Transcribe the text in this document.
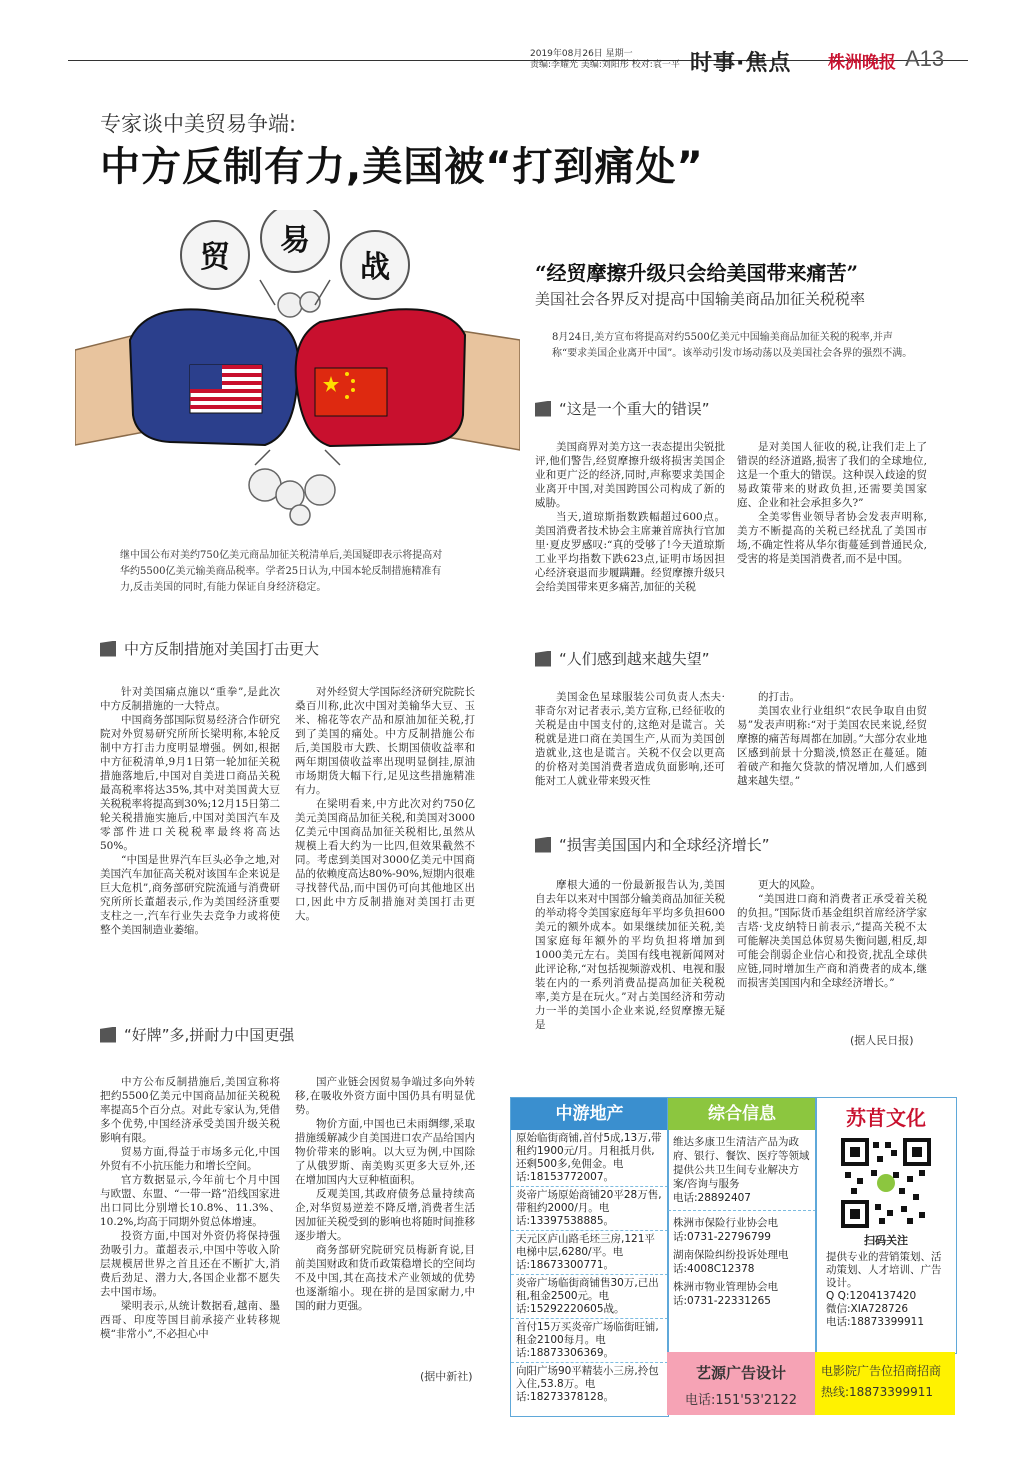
2019年08月26日 星期一
责编:李耀光 美编:刘阳彤 校对:袁一平 时事·焦点 株洲晚报 A13
专家谈中美贸易争端:
中方反制有力,美国被“打到痛处”
贸 易
战
继中国公布对美约750亿美元商品加征关税清单后,美国疑即表示将提高对华约5500亿美元输美商品税率。学者25日认为,中国本轮反制措施精准有力,反击美国的同时,有能力保证自身经济稳定。
“经贸摩擦升级只会给美国带来痛苦”
美国社会各界反对提高中国输美商品加征关税税率
8月24日,美方宣布将提高对约5500亿美元中国输美商品加征关税的税率,并声称“要求美国企业离开中国”。该举动引发市场动荡以及美国社会各界的强烈不满。
“这是一个重大的错误”

美国商界对美方这一表态提出尖锐批评,他们警告,经贸摩擦升级将损害美国企业和更广泛的经济,同时,声称要求美国企业离开中国,对美国跨国公司构成了新的威胁。

当天,道琼斯指数跌幅超过600点。美国消费者技术协会主席兼首席执行官加里·夏皮罗感叹:“真的受够了!今天道琼斯工业平均指数下跌623点,证明市场因担心经济衰退而步履蹒跚。经贸摩擦升级只会给美国带来更多痛苦,加征的关税

是对美国人征收的税,让我们走上了错误的经济道路,损害了我们的全球地位,这是一个重大的错误。这种误入歧途的贸易政策带来的财政负担,还需要美国家庭、企业和社会承担多久?”

全美零售业领导者协会发表声明称,美方不断提高的关税已经扰乱了美国市场,不确定性将从华尔街蔓延到普通民众,受害的将是美国消费者,而不是中国。

“人们感到越来越失望”

美国金色星球服装公司负责人杰夫·菲奇尔对记者表示,美方宣称,已经征收的关税是由中国支付的,这绝对是谎言。关税就是进口商在美国生产,从而为美国创造就业,这也是谎言。关税不仅会以更高的价格对美国消费者造成负面影响,还可能对工人就业带来毁灭性

的打击。

美国农业行业组织“农民争取自由贸易”发表声明称:“对于美国农民来说,经贸摩擦的痛苦每周都在加剧。”大部分农业地区感到前景十分黯淡,愤怒正在蔓延。随着破产和拖欠贷款的情况增加,人们感到越来越失望。”

“损害美国国内和全球经济增长”

摩根大通的一份最新报告认为,美国自去年以来对中国部分输美商品加征关税的举动将令美国家庭每年平均多负担600美元的额外成本。如果继续加征关税,美国家庭每年额外的平均负担将增加到1000美元左右。美国有线电视新闻网对此评论称,“对包括视频游戏机、电视和服装在内的一系列消费品提高加征关税税率,美方是在玩火。”对占美国经济和劳动力一半的美国小企业来说,经贸摩擦无疑是

更大的风险。

“美国进口商和消费者正承受着关税的负担。”国际货币基金组织首席经济学家吉塔·戈皮纳特日前表示,“提高关税不太可能解决美国总体贸易失衡问题,相反,却可能会削弱企业信心和投资,扰乱全球供应链,同时增加生产商和消费者的成本,继而损害美国国内和全球经济增长。”

(据人民日报)
中方反制措施对美国打击更大

针对美国痛点施以“重拳”,是此次中方反制措施的一大特点。

中国商务部国际贸易经济合作研究院对外贸易研究所所长梁明称,本轮反制中方打击力度明显增强。例如,根据中方征税清单,9月1日第一轮加征关税措施落地后,中国对自美进口商品关税最高税率将达35%,其中对美国黄大豆关税税率将提高到30%;12月15日第二轮关税措施实施后,中国对美国汽车及零部件进口关税税率最终将高达50%。

“中国是世界汽车巨头必争之地,对美国汽车加征高关税对该国车企来说是巨大危机”,商务部研究院流通与消费研究所所长董超表示,作为美国经济重要支柱之一,汽车行业失去竞争力或将使整个美国制造业萎缩。

对外经贸大学国际经济研究院院长桑百川称,此次中国对美输华大豆、玉米、棉花等农产品和原油加征关税,打到了美国的痛处。中方反制措施公布后,美国股市大跌、长期国债收益率和两年期国债收益率出现明显倒挂,原油市场期货大幅下行,足见这些措施精准有力。

在梁明看来,中方此次对约750亿美元美国商品加征关税,和美国对3000亿美元中国商品加征关税相比,虽然从规模上看大约为一比四,但效果截然不同。考虑到美国对3000亿美元中国商品的依赖度高达80%-90%,短期内很难寻找替代品,而中国仍可向其他地区出口,因此中方反制措施对美国打击更大。

“好牌”多,拼耐力中国更强

中方公布反制措施后,美国宣称将把约5500亿美元中国商品加征关税税率提高5个百分点。对此专家认为,凭借多个优势,中国经济承受美国升级关税影响有限。

贸易方面,得益于市场多元化,中国外贸有不小抗压能力和增长空间。

官方数据显示,今年前七个月中国与欧盟、东盟、“一带一路”沿线国家进出口同比分别增长10.8%、11.3%、10.2%,均高于同期外贸总体增速。

投资方面,中国对外资仍将保持强劲吸引力。董超表示,中国中等收入阶层规模居世界之首且还在不断扩大,消费后劲足、潜力大,各国企业都不愿失去中国市场。

梁明表示,从统计数据看,越南、墨西哥、印度等国目前承接产业转移规模“非常小”,不必担心中

国产业链会因贸易争端过多向外转移,在吸收外资方面中国仍具有明显优势。

物价方面,中国也已未雨绸缪,采取措施缓解减少自美国进口农产品给国内物价带来的影响。以大豆为例,中国除了从俄罗斯、南美购买更多大豆外,还在增加国内大豆种植面积。

反观美国,其政府债务总量持续高企,对华贸易逆差不降反增,消费者生活因加征关税受到的影响也将随时间推移逐步增大。

商务部研究院研究员梅新育说,目前美国财政和货币政策稳增长的空间均不及中国,其在高技术产业领域的优势也逐渐缩小。现在拼的是国家耐力,中国的耐力更强。

(据中新社)
中游地产
原始临街商铺,首付5成,13万,带租约1900元/月。月租抵月供,还剩500多,免佣金。电话:18153772007。
炎帝广场原始商铺20平28万售,带租约2000/月。电话:13397538885。
天元区庐山路毛坯三房,121平电梯中层,6280/平。电话:18673300771。
炎帝广场临街商铺售30万,已出租,租金2500元。电话:15292220605战。
首付15万买炎帝广场临街旺铺,租金2100每月。电话:18873306369。
向阳广场90平精装小三房,拎包入住,53.8万。电话:18273378128。
综合信息
维达多康卫生清洁产品为政府、银行、餐饮、医疗等领域提供公共卫生间专业解决方案/咨询与服务
电话:28892407
株洲市保险行业协会电话:0731-22796799
湖南保险纠纷投诉处理电话:4008C12378
株洲市物业管理协会电话:0731-22331265
艺源广告设计
电话:151'53'2122
苏苜文化
扫码关注
提供专业的营销策划、活动策划、人才培训、广告设计。
Q Q:1204137420
微信:XIA728726
电话:18873399911
电影院广告位招商招商
热线:18873399911
